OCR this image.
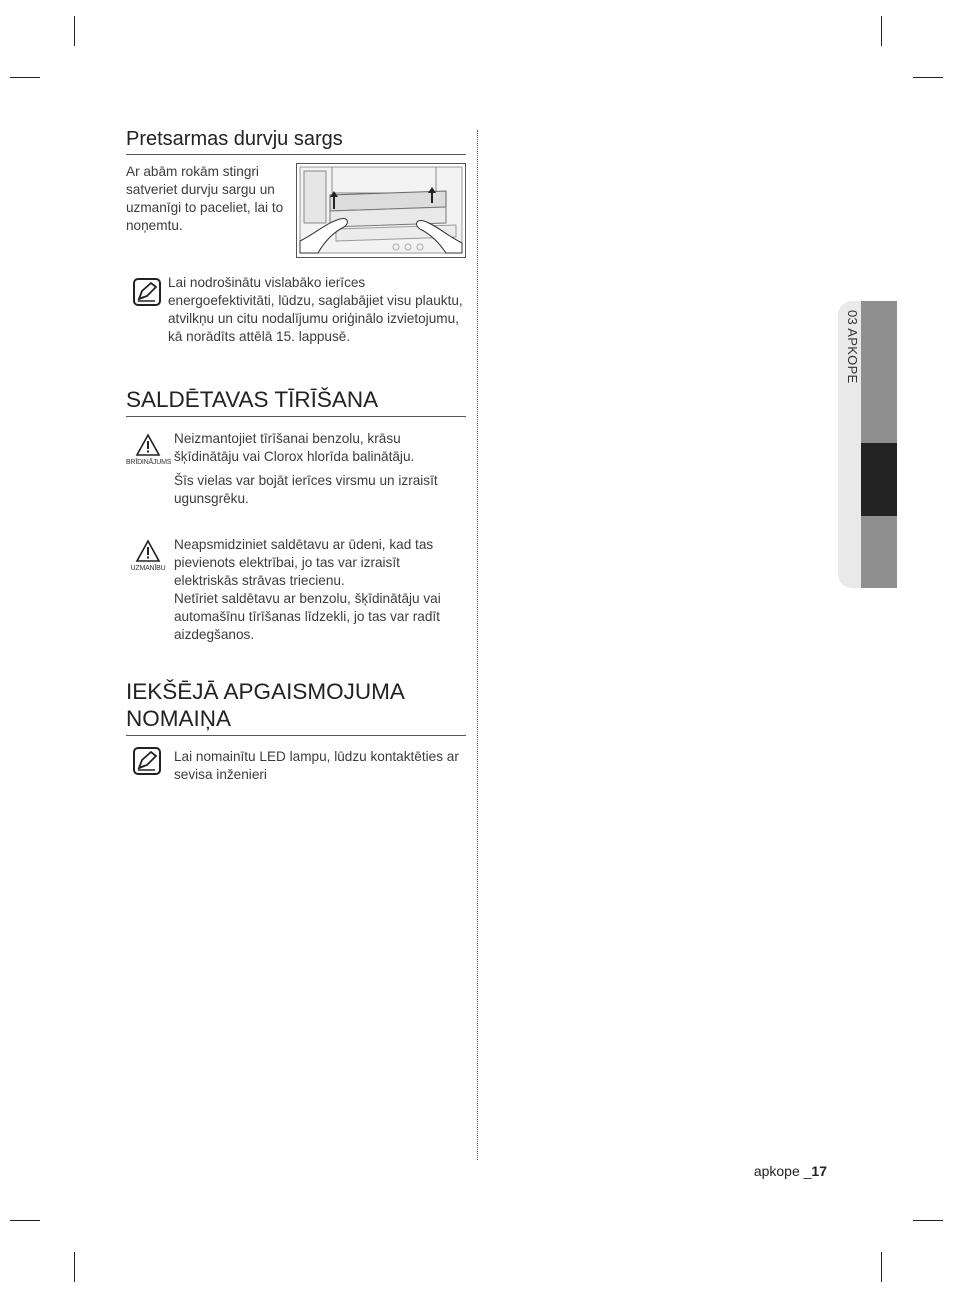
Pretsarmas durvju sargs
Ar abām rokām stingri satveriet durvju sargu un uzmanīgi to paceliet, lai to noņemtu.
Lai nodrošinātu vislabāko ierīces energoefektivitāti, lūdzu, saglabājiet visu plauktu, atvilkņu un citu nodalījumu oriģinālo izvietojumu, kā norādīts attēlā 15. lappusē.
SALDĒTAVAS TĪRĪŠANA
BRĪDINĀJUMS
Neizmantojiet tīrīšanai benzolu, krāsu šķīdinātāju vai Clorox hlorīda balinātāju.
Šīs vielas var bojāt ierīces virsmu un izraisīt ugunsgrēku.
UZMANĪBU
Neapsmidziniet saldētavu ar ūdeni, kad tas pievienots elektrībai, jo tas var izraisīt elektriskās strāvas triecienu.
Netīriet saldētavu ar benzolu, šķīdinātāju vai automašīnu tīrīšanas līdzekli, jo tas var radīt aizdegšanos.
IEKŠĒJĀ APGAISMOJUMA
NOMAIŅA
Lai nomainītu LED lampu, lūdzu kontaktēties ar sevisa inženieri
03 APKOPE
apkope _17
